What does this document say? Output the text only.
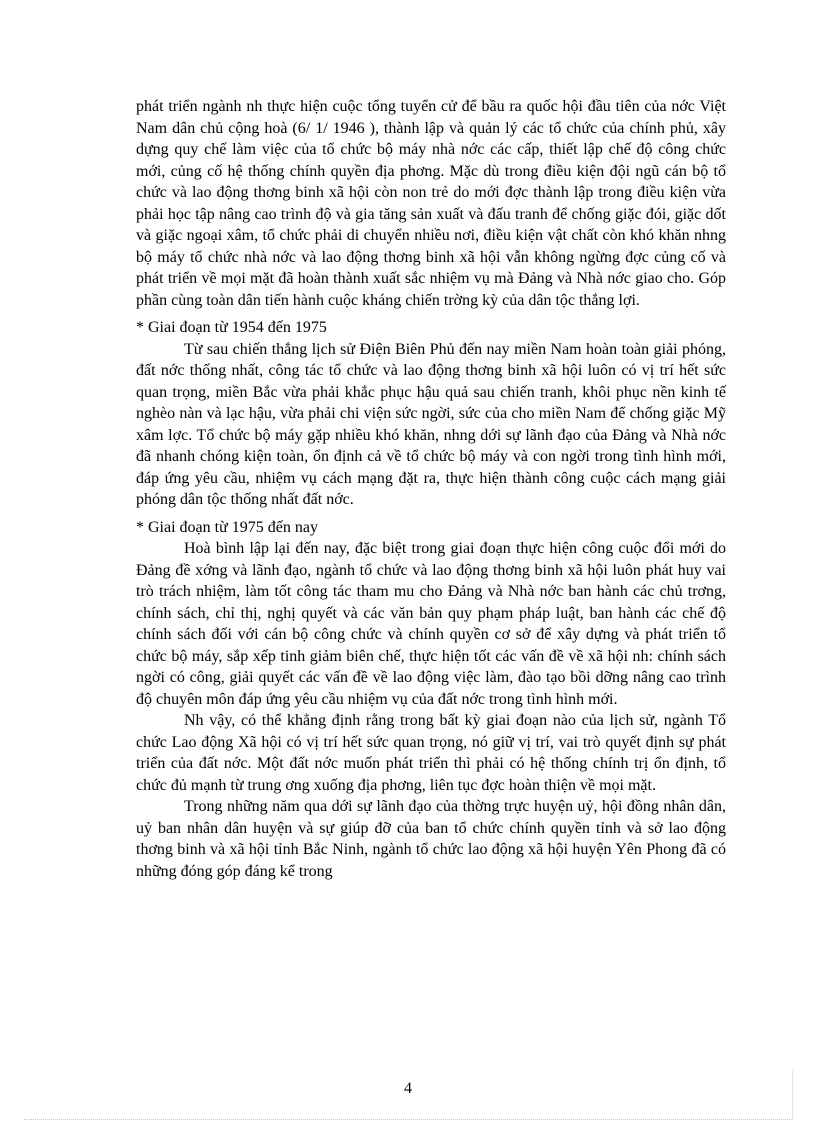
phát triển ngành nh thực hiện cuộc tổng tuyển cử để bầu ra quốc hội đầu tiên của nớc Việt Nam dân chủ cộng hoà (6/ 1/ 1946 ), thành lập và quản lý các tổ chức của chính phủ, xây dựng quy chế làm việc của tổ chức bộ máy nhà nớc các cấp, thiết lập chế độ công chức mới, củng cố hệ thống chính quyền địa phơng. Mặc dù trong điều kiện đội ngũ cán bộ tổ chức và lao động thơng binh xã hội còn non trẻ do mới đợc thành lập trong điều kiện vừa phải học tập nâng cao trình độ và gia tăng sản xuất và đấu tranh để chống giặc đói, giặc dốt và giặc ngoại xâm, tổ chức phải di chuyển nhiều nơi, điều kiện vật chất còn khó khăn nhng bộ máy tổ chức nhà nớc và lao động thơng binh xã hội vẫn không ngừng đợc củng cố và phát triển về mọi mặt đã hoàn thành xuất sắc nhiệm vụ mà Đảng và Nhà nớc giao cho. Góp phần cùng toàn dân tiến hành cuộc kháng chiến trờng kỳ của dân tộc thắng lợi.

* Giai đoạn từ 1954 đến 1975

Từ sau chiến thắng lịch sử Điện Biên Phủ đến nay miền Nam hoàn toàn giải phóng, đất nớc thống nhất, công tác tổ chức và lao động thơng binh xã hội luôn có vị trí hết sức quan trọng, miền Bắc vừa phải khắc phục hậu quả sau chiến tranh, khôi phục nền kinh tế nghèo nàn và lạc hậu, vừa phải chi viện sức ngời, sức của cho miền Nam để chống giặc Mỹ xâm lợc. Tổ chức bộ máy gặp nhiều khó khăn, nhng dới sự lãnh đạo của Đảng và Nhà nớc đã nhanh chóng kiện toàn, ổn định cả về tổ chức bộ máy và con ngời trong tình hình mới, đáp ứng yêu cầu, nhiệm vụ cách mạng đặt ra, thực hiện thành công cuộc cách mạng giải phóng dân tộc thống nhất đất nớc.

* Giai đoạn từ 1975 đến nay

Hoà bình lập lại đến nay, đặc biệt trong giai đoạn thực hiện công cuộc đổi mới do Đảng đề xớng và lãnh đạo, ngành tổ chức và lao động thơng binh xã hội luôn phát huy vai trò trách nhiệm, làm tốt công tác tham mu cho Đảng và Nhà nớc ban hành các chủ trơng, chính sách, chỉ thị, nghị quyết và các văn bản quy phạm pháp luật, ban hành các chế độ chính sách đối với cán bộ công chức và chính quyền cơ sở để xây dựng và phát triển tổ chức bộ máy, sắp xếp tinh giảm biên chế, thực hiện tốt các vấn đề về xã hội nh: chính sách ngời có công, giải quyết các vấn đề về lao động việc làm, đào tạo bồi dỡng nâng cao trình độ chuyên môn đáp ứng yêu cầu nhiệm vụ của đất nớc trong tình hình mới.

Nh vậy, có thể khẳng định rằng trong bất kỳ giai đoạn nào của lịch sử, ngành Tổ chức Lao động Xã hội có vị trí hết sức quan trọng, nó giữ vị trí, vai trò quyết định sự phát triển của đất nớc. Một đất nớc muốn phát triển thì phải có hệ thống chính trị ổn định, tổ chức đủ mạnh từ trung ơng xuống địa phơng, liên tục đợc hoàn thiện về mọi mặt.

Trong những năm qua dới sự lãnh đạo của thờng trực huyện uỷ, hội đồng nhân dân, uỷ ban nhân dân huyện và sự giúp đỡ của ban tổ chức chính quyền tỉnh và sở lao động thơng binh và xã hội tỉnh Bắc Ninh, ngành tổ chức lao động xã hội huyện Yên Phong đã có những đóng góp đáng kể trong

4
